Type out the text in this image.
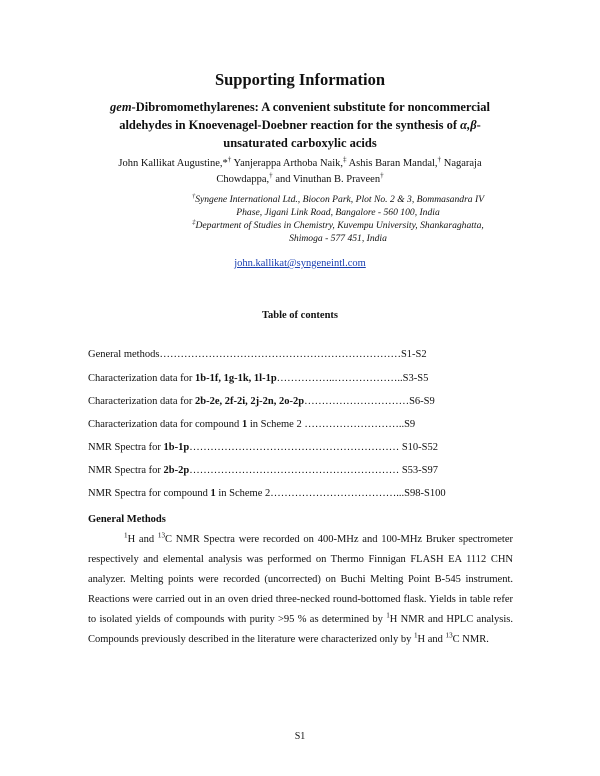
Supporting Information
gem-Dibromomethylarenes: A convenient substitute for noncommercial aldehydes in Knoevenagel-Doebner reaction for the synthesis of α,β-unsaturated carboxylic acids
John Kallikat Augustine,*† Yanjerappa Arthoba Naik,‡ Ashis Baran Mandal,† Nagaraja Chowdappa,† and Vinuthan B. Praveen†
†Syngene International Ltd., Biocon Park, Plot No. 2 & 3, Bommasandra IV Phase, Jigani Link Road, Bangalore - 560 100, India
‡Department of Studies in Chemistry, Kuvempu University, Shankaraghatta, Shimoga - 577 451, India
john.kallikat@syngeneintl.com
Table of contents
General methods……………………………………………………………S1-S2
Characterization data for 1b-1f, 1g-1k, 1l-1p……………..………………..S3-S5
Characterization data for 2b-2e, 2f-2i, 2j-2n, 2o-2p…………………………S6-S9
Characterization data for compound 1 in Scheme 2 ………………………..S9
NMR Spectra for 1b-1p…………………………………………………… S10-S52
NMR Spectra for 2b-2p…………………………………………………… S53-S97
NMR Spectra for compound 1 in Scheme 2………………………………...S98-S100
General Methods

$^1$H and $^{13}$C NMR Spectra were recorded on 400-MHz and 100-MHz Bruker spectrometer respectively and elemental analysis was performed on Thermo Finnigan FLASH EA 1112 CHN analyzer. Melting points were recorded (uncorrected) on Buchi Melting Point B-545 instrument. Reactions were carried out in an oven dried three-necked round-bottomed flask. Yields in table refer to isolated yields of compounds with purity >95 % as determined by $^1$H NMR and HPLC analysis. Compounds previously described in the literature were characterized only by $^1$H and $^{13}$C NMR.

S1
